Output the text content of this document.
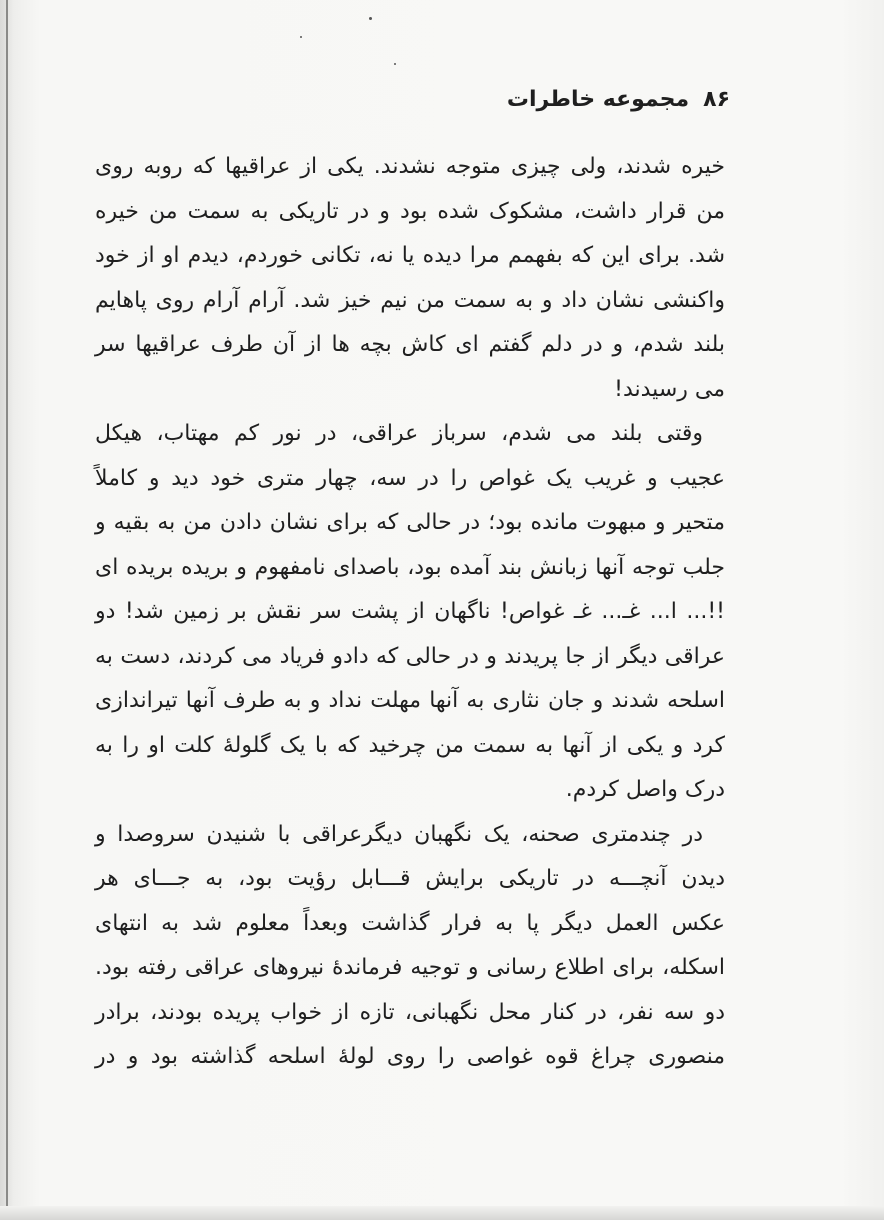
۸۶
مجموعه خاطرات
خیره شدند، ولی چیزی متوجه نشدند. یکی از عراقیها که روبه روی
من قرار داشت، مشکوک شده بود و در تاریکی به سمت من خیره
شد. برای این که بفهمم مرا دیده یا نه، تکانی خوردم، دیدم او از خود
واکنشی نشان داد و به سمت من نیم خیز شد. آرام آرام روی پاهایم
بلند شدم، و در دلم گفتم ای کاش بچه ها از آن طرف عراقیها سر
می رسیدند!
وقتی بلند می شدم، سرباز عراقی، در نور کم مهتاب، هیکل
عجیب و غریب یک غواص را در سه، چهار متری خود دید و کاملاً
متحیر و مبهوت مانده بود؛ در حالی که برای نشان دادن من به بقیه و
جلب توجه آنها زبانش بند آمده بود، باصدای نامفهوم و بریده بریده ای
!!... ا... غـ... غـ غواص! ناگهان از پشت سر نقش بر زمین شد! دو
عراقی دیگر از جا پریدند و در حالی که دادو فریاد می کردند، دست به
اسلحه شدند و جان نثاری به آنها مهلت نداد و به طرف آنها تیراندازی
کرد و یکی از آنها به سمت من چرخید که با یک گلولهٔ کلت او را به
درک واصل کردم.
در چندمتری صحنه، یک نگهبان دیگرعراقی با شنیدن سروصدا و
دیدن آنچـــه در تاریکی برایش قـــابل رؤیت بود، به جـــای هر
عکس العمل دیگر پا به فرار گذاشت وبعداً معلوم شد به انتهای
اسکله، برای اطلاع رسانی و توجیه فرماندهٔ نیروهای عراقی رفته بود.
دو سه نفر، در کنار محل نگهبانی، تازه از خواب پریده بودند، برادر
منصوری چراغ قوه غواصی را روی لولهٔ اسلحه گذاشته بود و در
